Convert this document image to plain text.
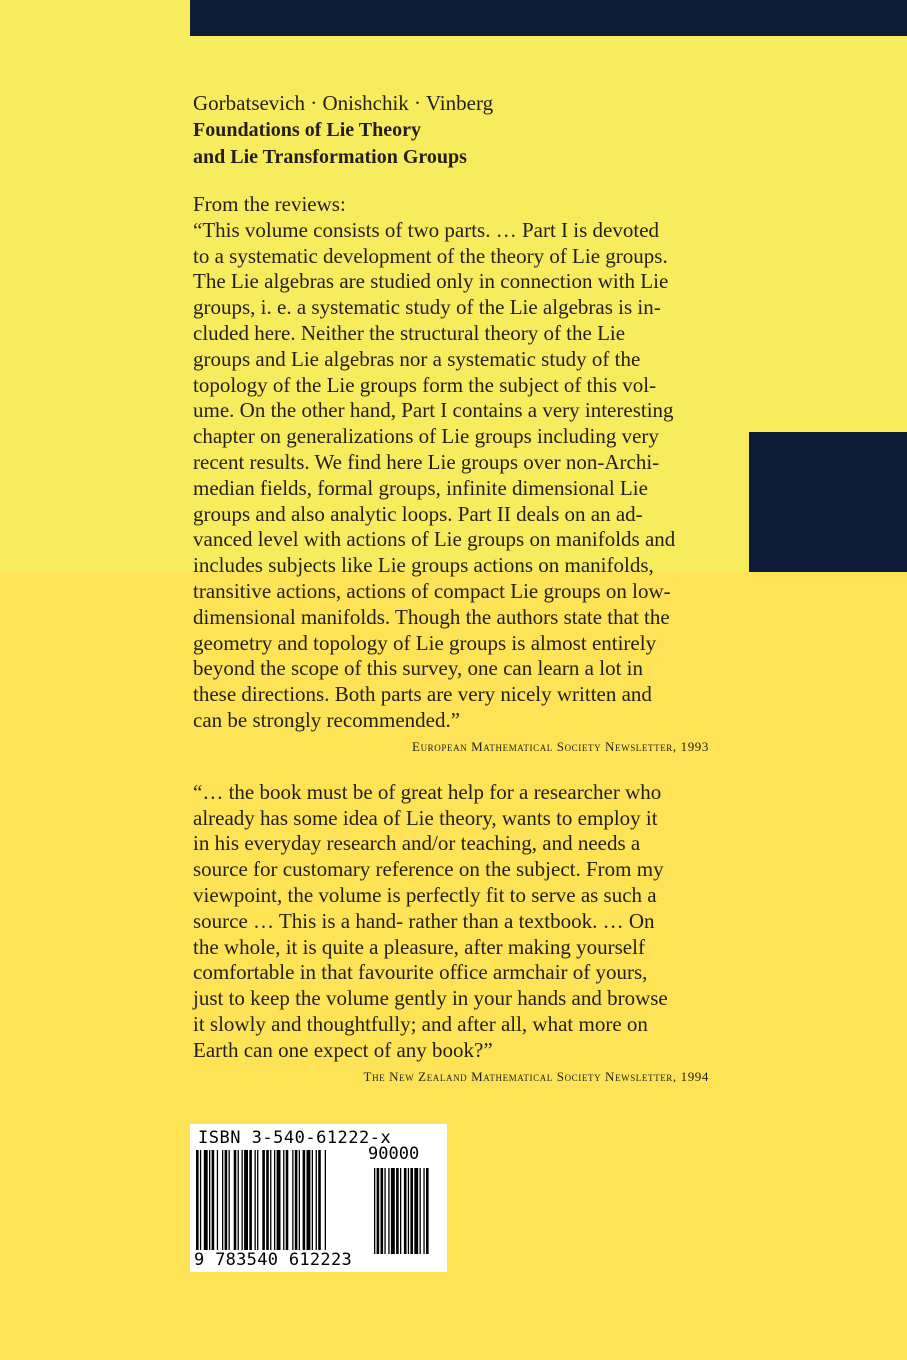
Gorbatsevich · Onishchik · Vinberg
Foundations of Lie Theory
and Lie Transformation Groups
From the reviews:
“This volume consists of two parts. … Part I is devoted
to a systematic development of the theory of Lie groups.
The Lie algebras are studied only in connection with Lie
groups, i. e. a systematic study of the Lie algebras is in-
cluded here. Neither the structural theory of the Lie
groups and Lie algebras nor a systematic study of the
topology of the Lie groups form the subject of this vol-
ume. On the other hand, Part I contains a very interesting
chapter on generalizations of Lie groups including very
recent results. We find here Lie groups over non-Archi-
median fields, formal groups, infinite dimensional Lie
groups and also analytic loops. Part II deals on an ad-
vanced level with actions of Lie groups on manifolds and
includes subjects like Lie groups actions on manifolds,
transitive actions, actions of compact Lie groups on low-
dimensional manifolds. Though the authors state that the
geometry and topology of Lie groups is almost entirely
beyond the scope of this survey, one can learn a lot in
these directions. Both parts are very nicely written and
can be strongly recommended.”
European Mathematical Society Newsletter, 1993
“… the book must be of great help for a researcher who
already has some idea of Lie theory, wants to employ it
in his everyday research and/or teaching, and needs a
source for customary reference on the subject. From my
viewpoint, the volume is perfectly fit to serve as such a
source … This is a hand- rather than a textbook. … On
the whole, it is quite a pleasure, after making yourself
comfortable in that favourite office armchair of yours,
just to keep the volume gently in your hands and browse
it slowly and thoughtfully; and after all, what more on
Earth can one expect of any book?”
The New Zealand Mathematical Society Newsletter, 1994
ISBN 3-540-61222-x
90000
9 783540 612223
